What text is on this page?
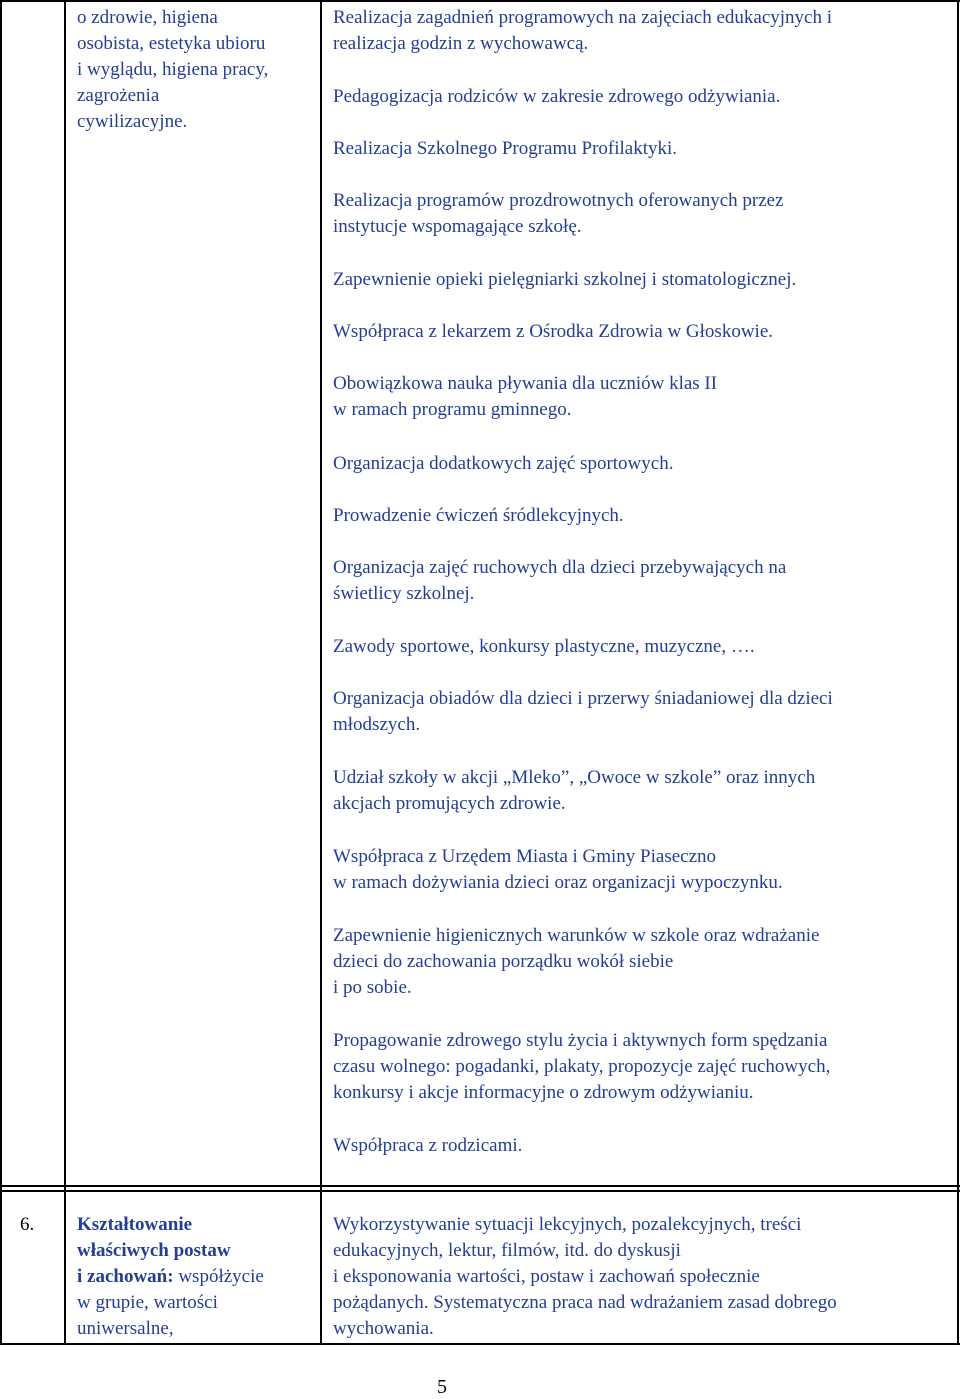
o zdrowie, higiena
osobista, estetyka ubioru
i wyglądu, higiena pracy,
zagrożenia
cywilizacyjne.
Realizacja zagadnień programowych na zajęciach edukacyjnych i
realizacja godzin z wychowawcą.
Pedagogizacja rodziców w zakresie zdrowego odżywiania.
Realizacja Szkolnego Programu Profilaktyki.
Realizacja programów prozdrowotnych oferowanych przez
instytucje wspomagające szkołę.
Zapewnienie opieki pielęgniarki szkolnej i stomatologicznej.
Współpraca z lekarzem z Ośrodka Zdrowia w Głoskowie.
Obowiązkowa nauka pływania dla uczniów klas II
w ramach programu gminnego.
Organizacja dodatkowych zajęć sportowych.
Prowadzenie ćwiczeń śródlekcyjnych.
Organizacja zajęć ruchowych dla dzieci przebywających na
świetlicy szkolnej.
Zawody sportowe, konkursy plastyczne, muzyczne, ….
Organizacja obiadów dla dzieci i przerwy śniadaniowej dla dzieci
młodszych.
Udział szkoły w akcji „Mleko”, „Owoce w szkole” oraz innych
akcjach promujących zdrowie.
Współpraca z Urzędem Miasta i Gminy Piaseczno
w ramach dożywiania dzieci oraz organizacji wypoczynku.
Zapewnienie higienicznych warunków w szkole oraz wdrażanie
dzieci do zachowania porządku wokół siebie
i po sobie.
Propagowanie zdrowego stylu życia i aktywnych form spędzania
czasu wolnego: pogadanki, plakaty, propozycje zajęć ruchowych,
konkursy i akcje informacyjne o zdrowym odżywianiu.
Współpraca z rodzicami.
6. Kształtowanie
właściwych postaw
i zachowań: współżycie
w grupie, wartości
uniwersalne,
Wykorzystywanie sytuacji lekcyjnych, pozalekcyjnych, treści
edukacyjnych, lektur, filmów, itd. do dyskusji
i eksponowania wartości, postaw i zachowań społecznie
pożądanych. Systematyczna praca nad wdrażaniem zasad dobrego
wychowania.
5
